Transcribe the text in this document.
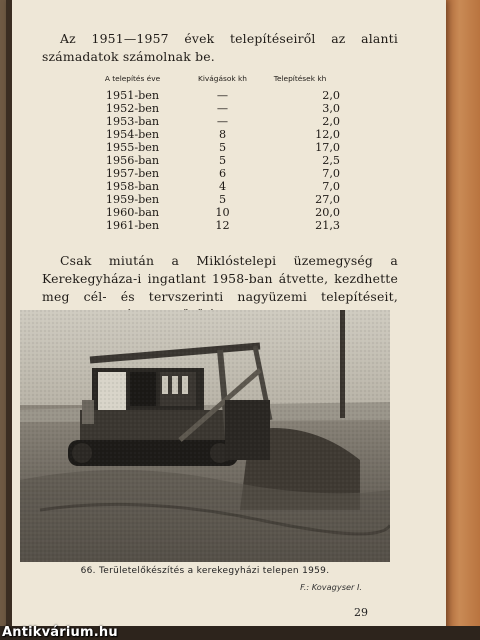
Az 1951—1957 évek telepítéseiről az alanti számadatok számolnak be.

A telepítés éve	Kivágások kh	Telepítések kh
1951-ben	—	2,0
1952-ben	—	3,0
1953-ban	—	2,0
1954-ben	8	12,0
1955-ben	5	17,0
1956-ban	5	2,5
1957-ben	6	7,0
1958-ban	4	7,0
1959-ben	5	27,0
1960-ban	10	20,0
1961-ben	12	21,3

Csak miután a Miklóstelepi üzemegység a Kerekegyháza-i ingatlant 1958-ban átvette, kezdhette meg cél- és tervszerinti nagyüzemi telepítéseit,

66. Területelőkészítés a kerekegyházi telepen 1959.
F.: Kovagyser I.
29
Antikvárium.hu
